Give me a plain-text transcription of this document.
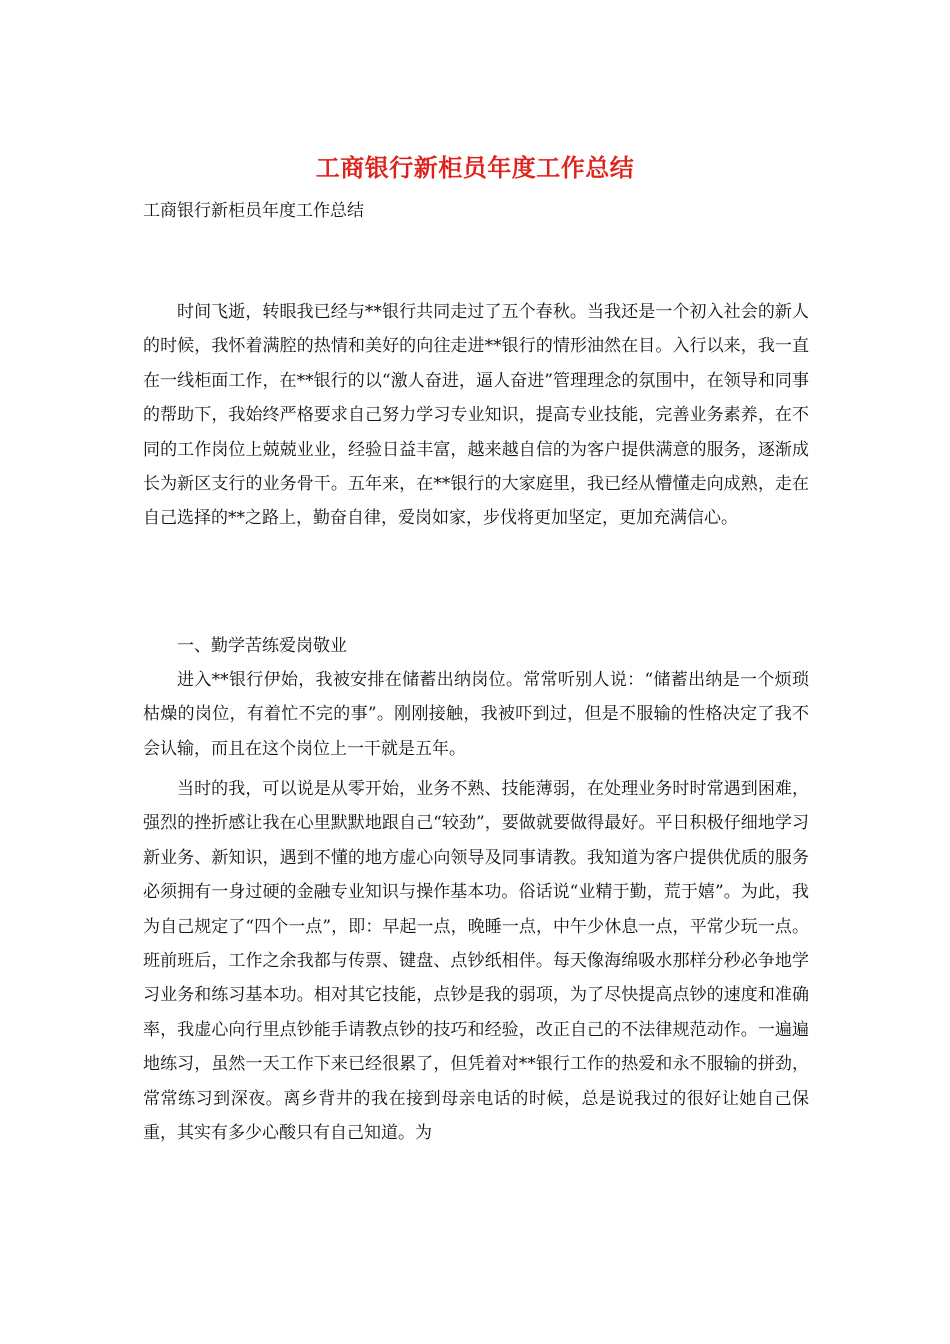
工商银行新柜员年度工作总结

工商银行新柜员年度工作总结

时间飞逝，转眼我已经与**银行共同走过了五个春秋。当我还是一个初入社会的新人的时候，我怀着满腔的热情和美好的向往走进**银行的情形油然在目。入行以来，我一直在一线柜面工作，在**银行的以“激人奋进，逼人奋进”管理理念的氛围中，在领导和同事的帮助下，我始终严格要求自己努力学习专业知识，提高专业技能，完善业务素养，在不同的工作岗位上兢兢业业，经验日益丰富，越来越自信的为客户提供满意的服务，逐渐成长为新区支行的业务骨干。五年来，在**银行的大家庭里，我已经从懵懂走向成熟，走在自己选择的**之路上，勤奋自律，爱岗如家，步伐将更加坚定，更加充满信心。

一、勤学苦练爱岗敬业

进入**银行伊始，我被安排在储蓄出纳岗位。常常听别人说：“储蓄出纳是一个烦琐枯燥的岗位，有着忙不完的事”。刚刚接触，我被吓到过，但是不服输的性格决定了我不会认输，而且在这个岗位上一干就是五年。

当时的我，可以说是从零开始，业务不熟、技能薄弱，在处理业务时时常遇到困难，强烈的挫折感让我在心里默默地跟自己“较劲”，要做就要做得最好。平日积极仔细地学习新业务、新知识，遇到不懂的地方虚心向领导及同事请教。我知道为客户提供优质的服务必须拥有一身过硬的金融专业知识与操作基本功。俗话说“业精于勤，荒于嬉”。为此，我为自己规定了“四个一点”，即：早起一点，晚睡一点，中午少休息一点，平常少玩一点。班前班后，工作之余我都与传票、键盘、点钞纸相伴。每天像海绵吸水那样分秒必争地学习业务和练习基本功。相对其它技能，点钞是我的弱项，为了尽快提高点钞的速度和准确率，我虚心向行里点钞能手请教点钞的技巧和经验，改正自己的不法律规范动作。一遍遍地练习，虽然一天工作下来已经很累了，但凭着对**银行工作的热爱和永不服输的拼劲，常常练习到深夜。离乡背井的我在接到母亲电话的时候，总是说我过的很好让她自己保重，其实有多少心酸只有自己知道。为
